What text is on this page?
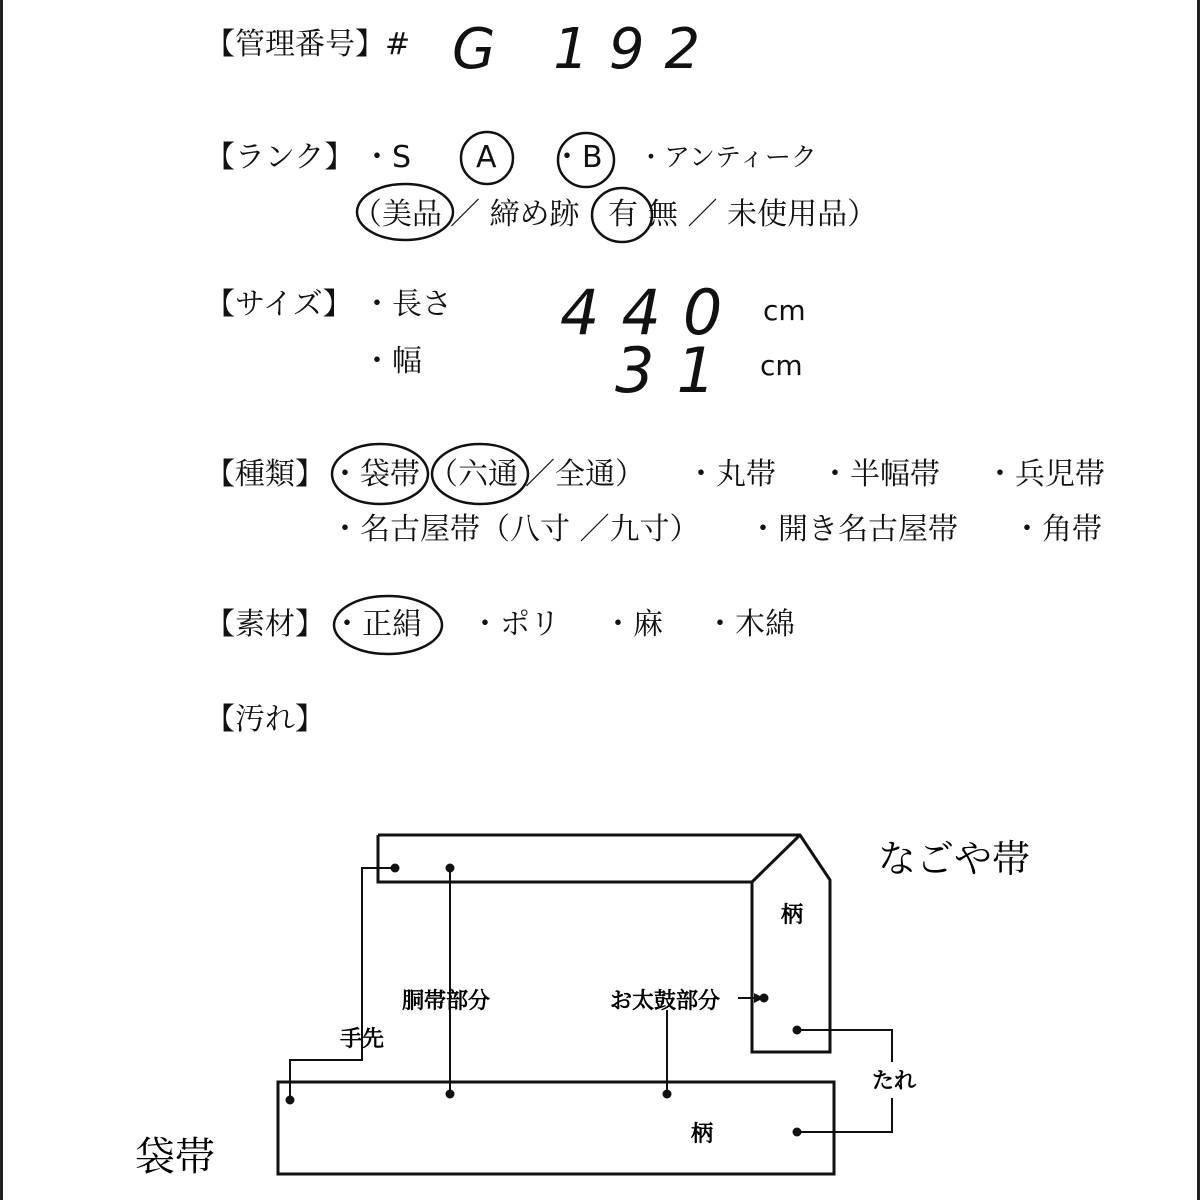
【管理番号】# G 192
【ランク】 ・S A ・B ・アンティーク
（美品 ／ 締め跡 有 無 ／ 未使用品）
【サイズ】 ・長さ 440 cm
・幅	31 cm
【種類】 ・袋帯 （六通 ／全通） ・丸帯 ・半幅帯 ・兵児帯
・名古屋帯（八寸 ／九寸） ・開き名古屋帯 ・角帯
【素材】 ・正絹 ・ポリ ・麻 ・木綿
【汚れ】
柄
柄
胴帯部分	お太鼓部分
手先
たれ
なごや帯
袋帯
